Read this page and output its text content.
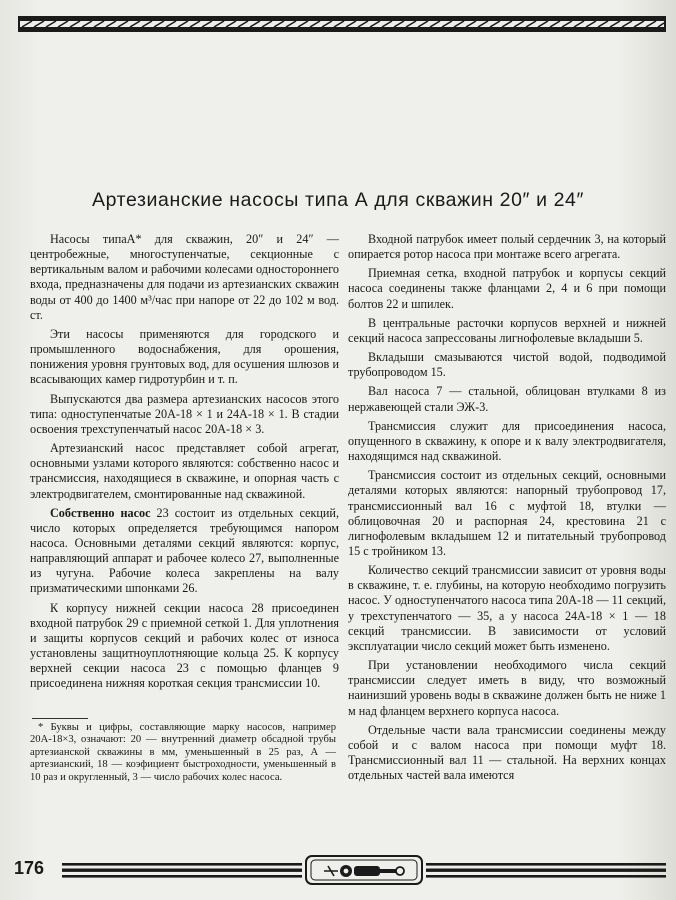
Артезианские насосы типа А для скважин 20″ и 24″

Насосы типаА* для скважин, 20″ и 24″ — центробежные, многоступенчатые, секционные с вертикальным валом и рабочими колесами одностороннего входа, предназначены для подачи из артезианских скважин воды от 400 до 1400 м³/час при напоре от 22 до 102 м вод. ст.

Эти насосы применяются для городского и промышленного водоснабжения, для орошения, понижения уровня грунтовых вод, для осушения шлюзов и всасывающих камер гидротурбин и т. п.

Выпускаются два размера артезианских насосов этого типа: одноступенчатые 20А-18 × 1 и 24А-18 × 1. В стадии освоения трехступенчатый насос 20А-18 × 3.

Артезианский насос представляет собой агрегат, основными узлами которого являются: собственно насос и трансмиссия, находящиеся в скважине, и опорная часть с электродвигателем, смонтированные над скважиной.

Собственно насос 23 состоит из отдельных секций, число которых определяется требующимся напором насоса. Основными деталями секций являются: корпус, направляющий аппарат и рабочее колесо 27, выполненные из чугуна. Рабочие колеса закреплены на валу призматическими шпонками 26.

К корпусу нижней секции насоса 28 присоединен входной патрубок 29 с приемной сеткой 1. Для уплотнения и защиты корпусов секций и рабочих колес от износа установлены защитноуплотняющие кольца 25. К корпусу верхней секции насоса 23 с помощью фланцев 9 присоединена нижняя короткая секция трансмиссии 10.

* Буквы и цифры, составляющие марку насосов, например 20А-18×3, означают: 20 — внутренний диаметр обсадной трубы артезианской скважины в мм, уменьшенный в 25 раз, А — артезианский, 18 — коэфициент быстроходности, уменьшенный в 10 раз и округленный, 3 — число рабочих колес насоса.

Входной патрубок имеет полый сердечник 3, на который опирается ротор насоса при монтаже всего агрегата.

Приемная сетка, входной патрубок и корпусы секций насоса соединены также фланцами 2, 4 и 6 при помощи болтов 22 и шпилек.

В центральные расточки корпусов верхней и нижней секций насоса запрессованы лигнофолевые вкладыши 5.

Вкладыши смазываются чистой водой, подводимой трубопроводом 15.

Вал насоса 7 — стальной, облицован втулками 8 из нержавеющей стали ЭЖ-3.

Трансмиссия служит для присоединения насоса, опущенного в скважину, к опоре и к валу электродвигателя, находящимся над скважиной.

Трансмиссия состоит из отдельных секций, основными деталями которых являются: напорный трубопровод 17, трансмиссионный вал 16 с муфтой 18, втулки — облицовочная 20 и распорная 24, крестовина 21 с лигнофолевым вкладышем 12 и питательный трубопровод 15 с тройником 13.

Количество секций трансмиссии зависит от уровня воды в скважине, т. е. глубины, на которую необходимо погрузить насос. У одноступенчатого насоса типа 20А-18 — 11 секций, у трехступенчатого — 35, а у насоса 24А-18 × 1 — 18 секций трансмиссии. В зависимости от условий эксплуатации число секций может быть изменено.

При установлении необходимого числа секций трансмиссии следует иметь в виду, что возможный наинизший уровень воды в скважине должен быть не ниже 1 м над фланцем верхнего корпуса насоса.

Отдельные части вала трансмиссии соединены между собой и с валом насоса при помощи муфт 18. Трансмиссионный вал 11 — стальной. На верхних концах отдельных частей вала имеются

176
